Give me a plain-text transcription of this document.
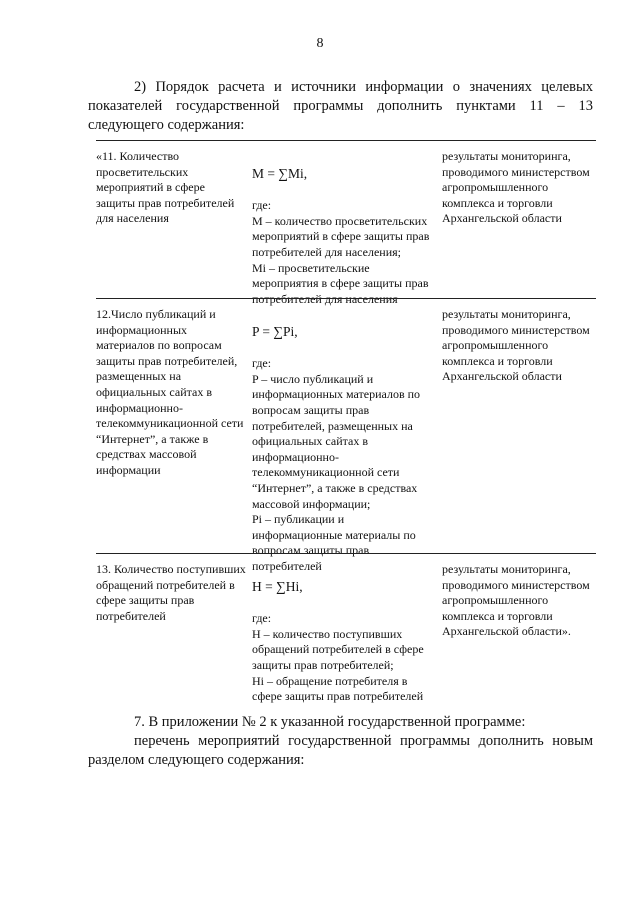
8

2) Порядок расчета и источники информации о значениях целевых показателей государственной программы дополнить пунктами 11 – 13 следующего содержания:

«11. Количество просветительских мероприятий в сфере защиты прав потребителей для населения

M = ∑Mi,

где:
M – количество просветительских мероприятий в сфере защиты прав потребителей для населения;
Mi – просветительские мероприятия в сфере защиты прав потребителей для населения

результаты мониторинга, проводимого министерством агропромышленного комплекса и торговли Архангельской области
12.Число публикаций и информационных материалов по вопросам защиты прав потребителей, размещенных на официальных сайтах в информационно-телекоммуникационной сети “Интернет”, а также в средствах массовой информации

P = ∑Pi,

где:
P – число публикаций и информационных материалов по вопросам защиты прав потребителей, размещенных на официальных сайтах в информационно-телекоммуникационной сети “Интернет”, а также в средствах массовой информации;
Pi – публикации и информационные материалы по вопросам защиты прав потребителей

результаты мониторинга, проводимого министерством агропромышленного комплекса и торговли Архангельской области
13. Количество поступивших обращений потребителей в сфере защиты прав потребителей

H = ∑Hi,

где:
H – количество поступивших обращений потребителей в сфере защиты прав потребителей;
Hi – обращение потребителя в сфере защиты прав потребителей

результаты мониторинга, проводимого министерством агропромышленного комплекса и торговли Архангельской области».

7. В приложении № 2 к указанной государственной программе:

перечень мероприятий государственной программы дополнить новым разделом следующего содержания:
